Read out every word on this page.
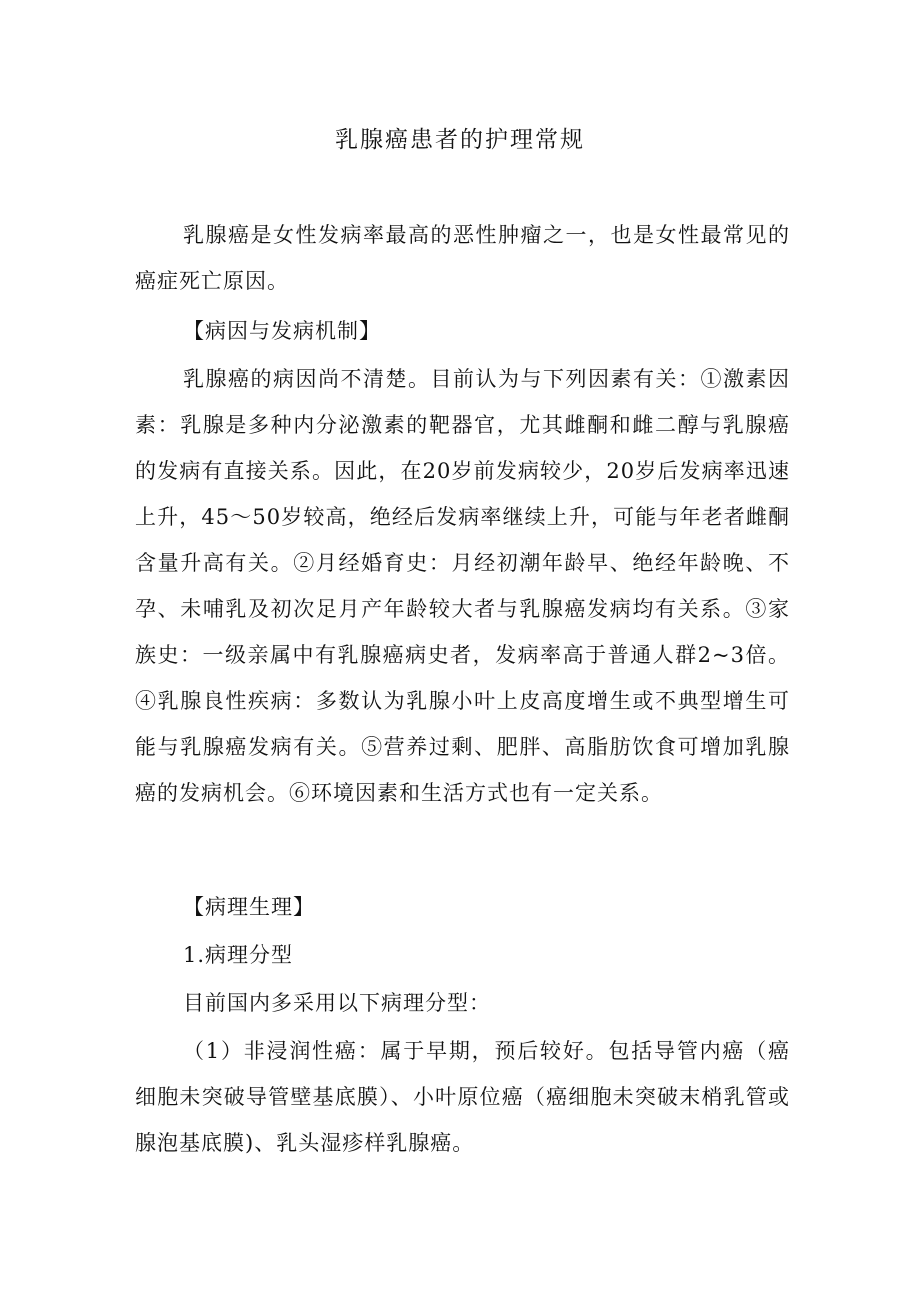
乳腺癌患者的护理常规
乳腺癌是女性发病率最高的恶性肿瘤之一，也是女性最常见的癌症死亡原因。
【病因与发病机制】
乳腺癌的病因尚不清楚。目前认为与下列因素有关：①激素因素：乳腺是多种内分泌激素的靶器官，尤其雌酮和雌二醇与乳腺癌的发病有直接关系。因此，在20岁前发病较少，20岁后发病率迅速上升，45～50岁较高，绝经后发病率继续上升，可能与年老者雌酮含量升高有关。②月经婚育史：月经初潮年龄早、绝经年龄晚、不孕、未哺乳及初次足月产年龄较大者与乳腺癌发病均有关系。③家族史：一级亲属中有乳腺癌病史者，发病率高于普通人群2~3倍。④乳腺良性疾病：多数认为乳腺小叶上皮高度增生或不典型增生可能与乳腺癌发病有关。⑤营养过剩、肥胖、高脂肪饮食可增加乳腺癌的发病机会。⑥环境因素和生活方式也有一定关系。
【病理生理】
1.病理分型
目前国内多采用以下病理分型：
（1）非浸润性癌：属于早期，预后较好。包括导管内癌（癌细胞未突破导管壁基底膜）、小叶原位癌（癌细胞未突破末梢乳管或腺泡基底膜)、乳头湿疹样乳腺癌。
